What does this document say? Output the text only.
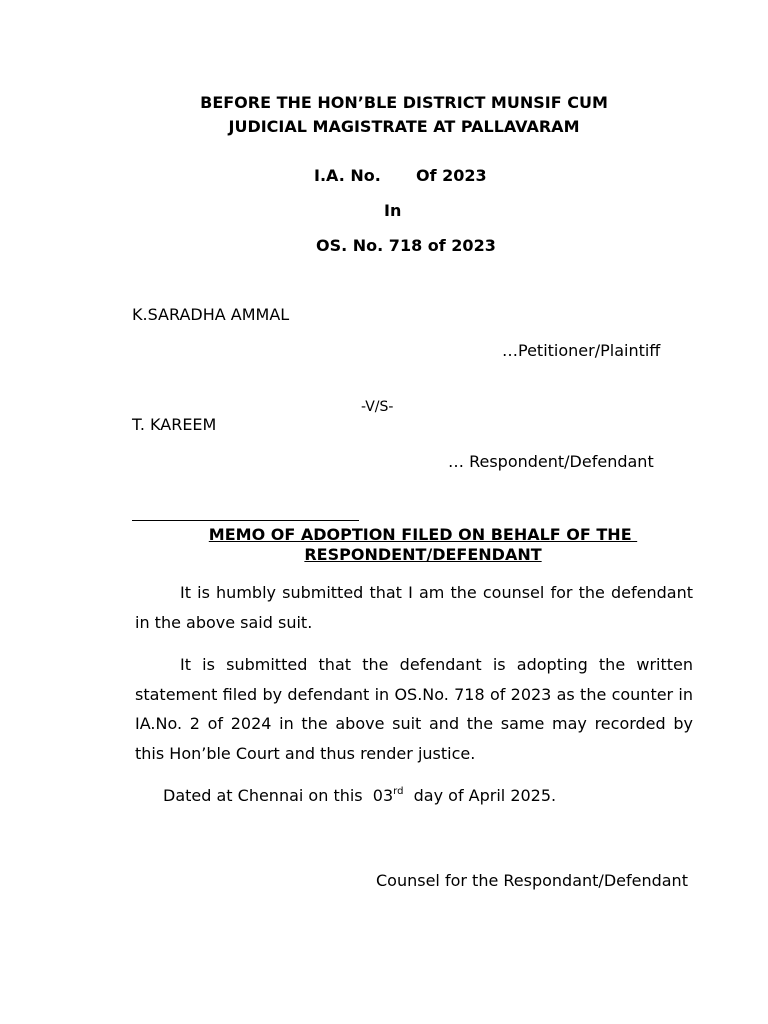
BEFORE THE HON’BLE DISTRICT MUNSIF CUM
JUDICIAL MAGISTRATE AT PALLAVARAM
I.A. No. Of 2023
In
OS. No. 718 of 2023
K.SARADHA AMMAL
…Petitioner/Plaintiff
-V/S-
T. KAREEM
… Respondent/Defendant
MEMO OF ADOPTION FILED ON BEHALF OF THE
RESPONDENT/DEFENDANT

It is humbly submitted that I am the counsel for the defendant in the above said suit.

It is submitted that the defendant is adopting the written statement filed by defendant in OS.No. 718 of 2023 as the counter in IA.No. 2 of 2024 in the above suit and the same may recorded by this Hon’ble Court and thus render justice.

Dated at Chennai on this  03rd  day of April 2025.
Counsel for the Respondant/Defendant
